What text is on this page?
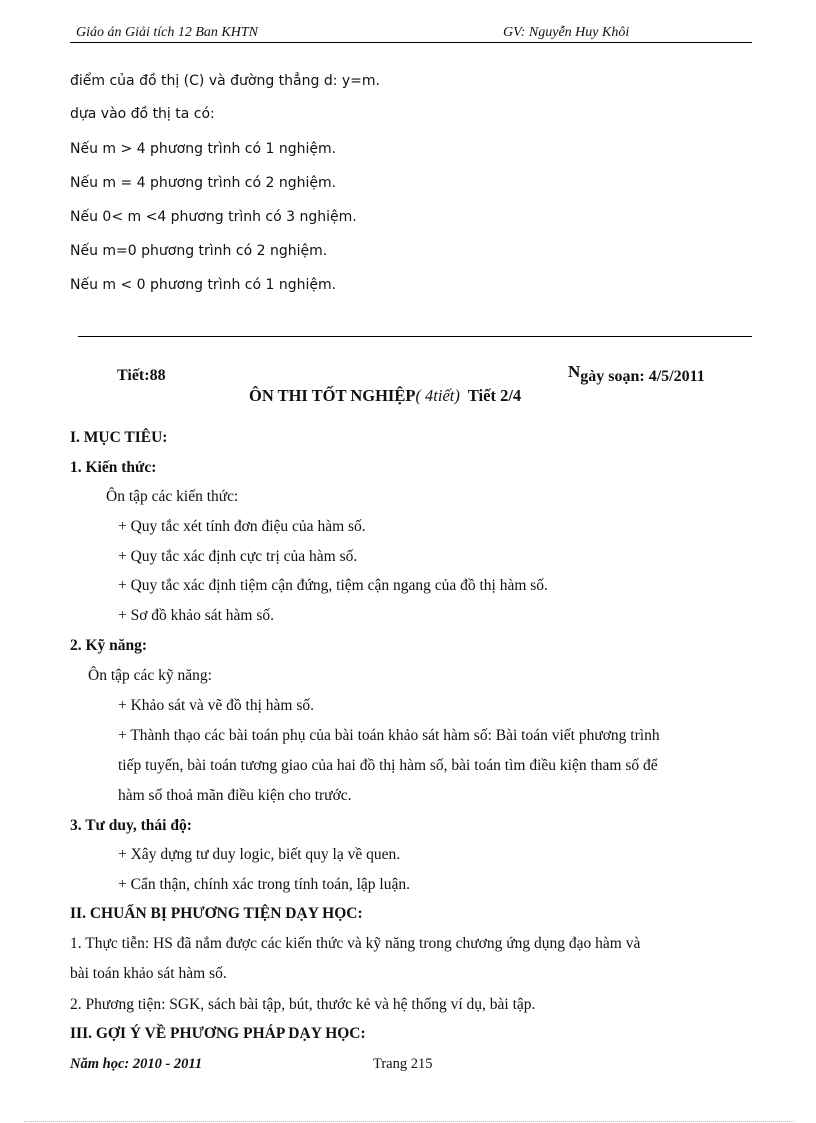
Giáo án Giải tích 12 Ban KHTN	GV: Nguyễn Huy Khôi
điểm của đồ thị (C) và đường thẳng d: y=m.
dựa vào đồ thị ta có:
Nếu m > 4 phương trình có 1 nghiệm.
Nếu m = 4 phương trình có 2 nghiệm.
Nếu 0< m <4 phương trình có 3 nghiệm.
Nếu m=0 phương trình có 2 nghiệm.
Nếu m < 0 phương trình có 1 nghiệm.
Tiết:88	Ngày soạn: 4/5/2011
ÔN THI TỐT NGHIỆP( 4tiết)  Tiết 2/4
I. MỤC TIÊU:
1. Kiến thức:
Ôn tập các kiến thức:
+ Quy tắc xét tính đơn điệu của hàm số.
+ Quy tắc xác định cực trị của hàm số.
+ Quy tắc xác định tiệm cận đứng, tiệm cận ngang của đồ thị hàm số.
+ Sơ đồ khảo sát hàm số.
2. Kỹ năng:
Ôn tập các kỹ năng:
+ Khảo sát và vẽ đồ thị hàm số.
+ Thành thạo các bài toán phụ của bài toán khảo sát hàm số: Bài toán viết phương trình
tiếp tuyến, bài toán tương giao của hai đồ thị hàm số, bài toán tìm điều kiện tham số để
hàm số thoả mãn điều kiện cho trước.
3. Tư duy, thái độ:
+ Xây dựng tư duy logic, biết quy lạ về quen.
+ Cẩn thận, chính xác trong tính toán, lập luận.
II. CHUẨN BỊ PHƯƠNG TIỆN DẠY HỌC:
1. Thực tiễn: HS đã nắm được các kiến thức và kỹ năng trong chương ứng dụng đạo hàm và
bài toán khảo sát hàm số.
2. Phương tiện: SGK, sách bài tập, bút, thước kẻ và hệ thống ví dụ, bài tập.
III. GỢI Ý VỀ PHƯƠNG PHÁP DẠY HỌC:
Năm học: 2010 - 2011	Trang 215
